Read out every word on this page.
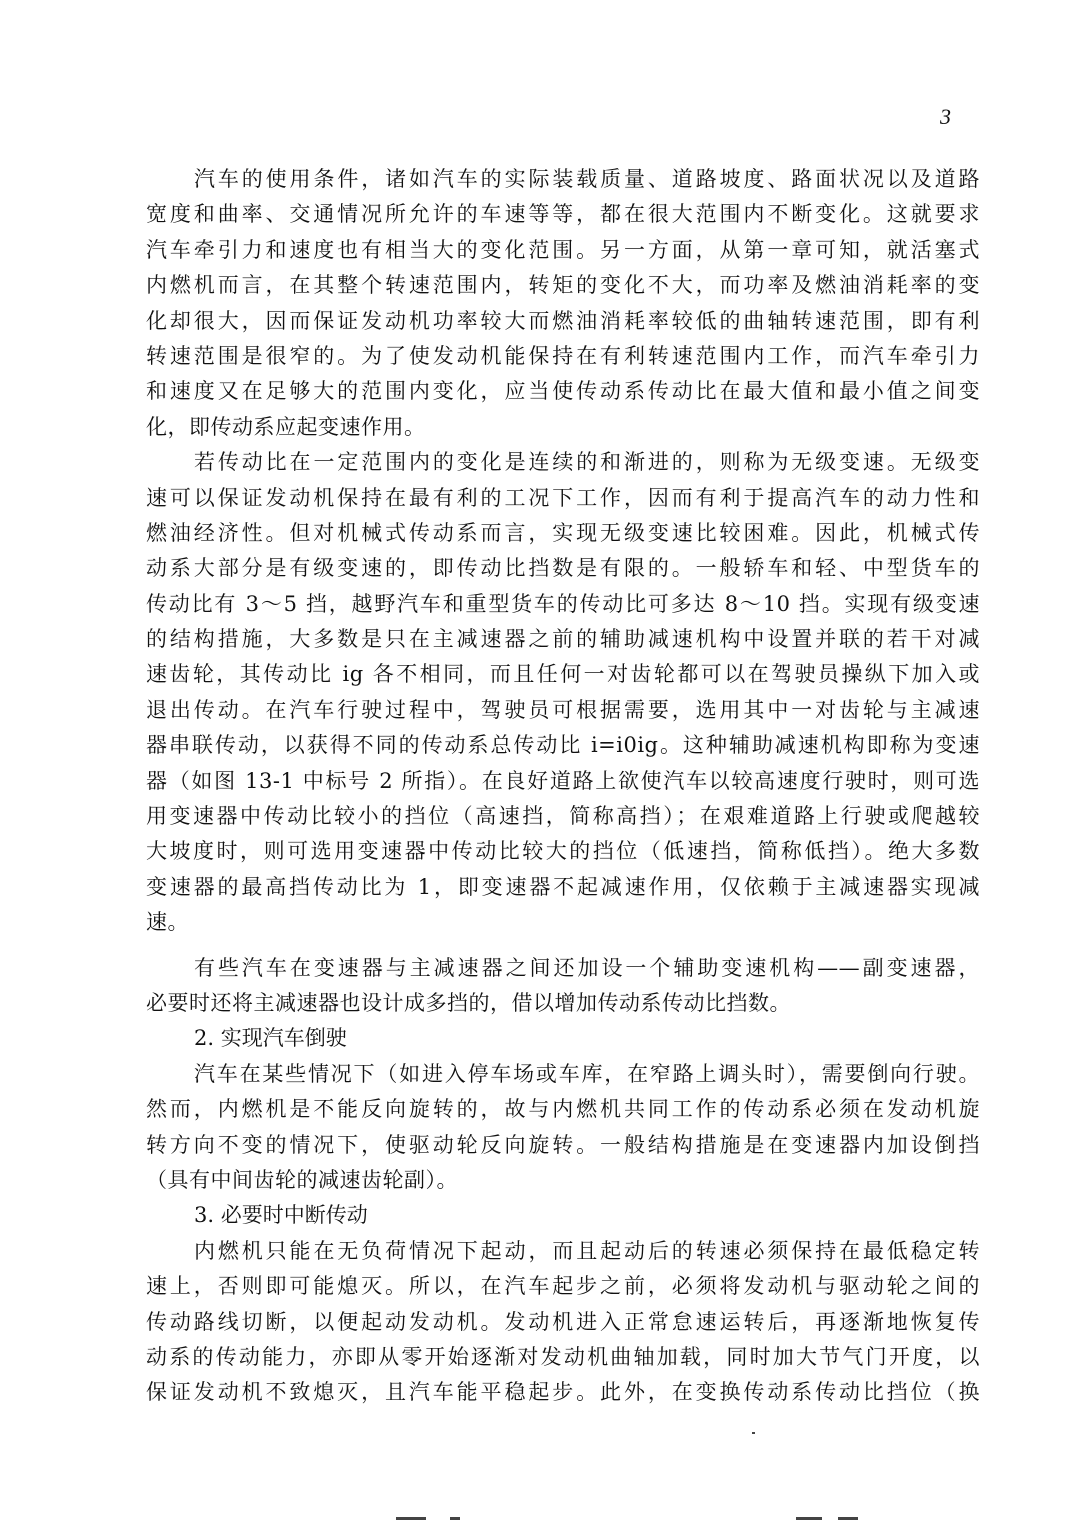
3
汽车的使用条件，诸如汽车的实际装载质量、道路坡度、路面状况以及道路
宽度和曲率、交通情况所允许的车速等等，都在很大范围内不断变化。这就要求
汽车牵引力和速度也有相当大的变化范围。另一方面，从第一章可知，就活塞式
内燃机而言，在其整个转速范围内，转矩的变化不大，而功率及燃油消耗率的变
化却很大，因而保证发动机功率较大而燃油消耗率较低的曲轴转速范围，即有利
转速范围是很窄的。为了使发动机能保持在有利转速范围内工作，而汽车牵引力
和速度又在足够大的范围内变化，应当使传动系传动比在最大值和最小值之间变
化，即传动系应起变速作用。
若传动比在一定范围内的变化是连续的和渐进的，则称为无级变速。无级变
速可以保证发动机保持在最有利的工况下工作，因而有利于提高汽车的动力性和
燃油经济性。但对机械式传动系而言，实现无级变速比较困难。因此，机械式传
动系大部分是有级变速的，即传动比挡数是有限的。一般轿车和轻、中型货车的
传动比有 3～5 挡，越野汽车和重型货车的传动比可多达 8～10 挡。实现有级变速
的结构措施，大多数是只在主减速器之前的辅助减速机构中设置并联的若干对减
速齿轮，其传动比 ig 各不相同，而且任何一对齿轮都可以在驾驶员操纵下加入或
退出传动。在汽车行驶过程中，驾驶员可根据需要，选用其中一对齿轮与主减速
器串联传动，以获得不同的传动系总传动比 i=i0ig。这种辅助减速机构即称为变速
器（如图 13-1 中标号 2 所指）。在良好道路上欲使汽车以较高速度行驶时，则可选
用变速器中传动比较小的挡位（高速挡，简称高挡）；在艰难道路上行驶或爬越较
大坡度时，则可选用变速器中传动比较大的挡位（低速挡，简称低挡）。绝大多数
变速器的最高挡传动比为 1，即变速器不起减速作用，仅依赖于主减速器实现减
速。
有些汽车在变速器与主减速器之间还加设一个辅助变速机构——副变速器，
必要时还将主减速器也设计成多挡的，借以增加传动系传动比挡数。
2. 实现汽车倒驶
汽车在某些情况下（如进入停车场或车库，在窄路上调头时），需要倒向行驶。
然而，内燃机是不能反向旋转的，故与内燃机共同工作的传动系必须在发动机旋
转方向不变的情况下，使驱动轮反向旋转。一般结构措施是在变速器内加设倒挡
（具有中间齿轮的减速齿轮副）。
3. 必要时中断传动
内燃机只能在无负荷情况下起动，而且起动后的转速必须保持在最低稳定转
速上，否则即可能熄灭。所以，在汽车起步之前，必须将发动机与驱动轮之间的
传动路线切断，以便起动发动机。发动机进入正常怠速运转后，再逐渐地恢复传
动系的传动能力，亦即从零开始逐渐对发动机曲轴加载，同时加大节气门开度，以
保证发动机不致熄灭，且汽车能平稳起步。此外，在变换传动系传动比挡位（换
